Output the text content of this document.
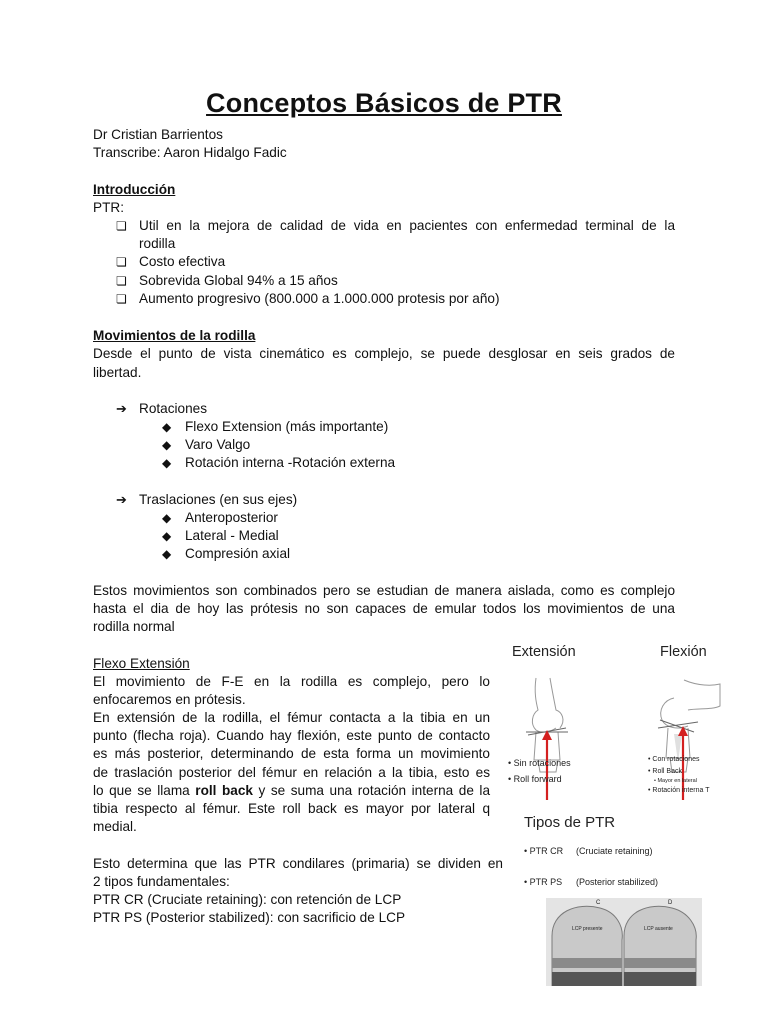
Conceptos Básicos de PTR
Dr Cristian Barrientos
Transcribe: Aaron Hidalgo Fadic
Introducción
PTR:
❏ Util en la mejora de calidad de vida en pacientes con enfermedad terminal de la
rodilla
❏ Costo efectiva
❏ Sobrevida Global 94% a 15 años
❏ Aumento progresivo (800.000 a 1.000.000 protesis por año)
Movimientos de la rodilla
Desde el punto de vista cinemático es complejo, se puede desglosar en seis grados de
libertad.
➔ Rotaciones
◆ Flexo Extension (más importante)
◆ Varo Valgo
◆ Rotación interna -Rotación externa
➔ Traslaciones (en sus ejes)
◆ Anteroposterior
◆ Lateral - Medial
◆ Compresión axial
Estos movimientos son combinados pero se estudian de manera aislada, como es complejo
hasta el dia de hoy las prótesis no son capaces de emular todos los movimientos de una
rodilla normal
Flexo Extensión
El movimiento de F-E en la rodilla es complejo, pero lo
enfocaremos en prótesis.
En extensión de la rodilla, el fémur contacta a la tibia en un
punto (flecha roja). Cuando hay flexión, este punto de contacto
es más posterior, determinando de esta forma un movimiento
de traslación posterior del fémur en relación a la tibia, esto es
lo que se llama roll back y se suma una rotación interna de la
tibia respecto al fémur. Este roll back es mayor por lateral q
medial.
Esto determina que las PTR condilares (primaria) se dividen en
2 tipos fundamentales:
PTR CR (Cruciate retaining): con retención de LCP
PTR PS (Posterior stabilized): con sacrificio de LCP
Extensión	Flexión
• Sin rotaciones
• Roll forward
• Con rotaciones
• Roll Back
• Mayor en lateral
• Rotación interna T
Tipos de PTR
• PTR CR (Cruciate retaining)
• PTR PS (Posterior stabilized)
C	D
LCP presente	LCP ausente
